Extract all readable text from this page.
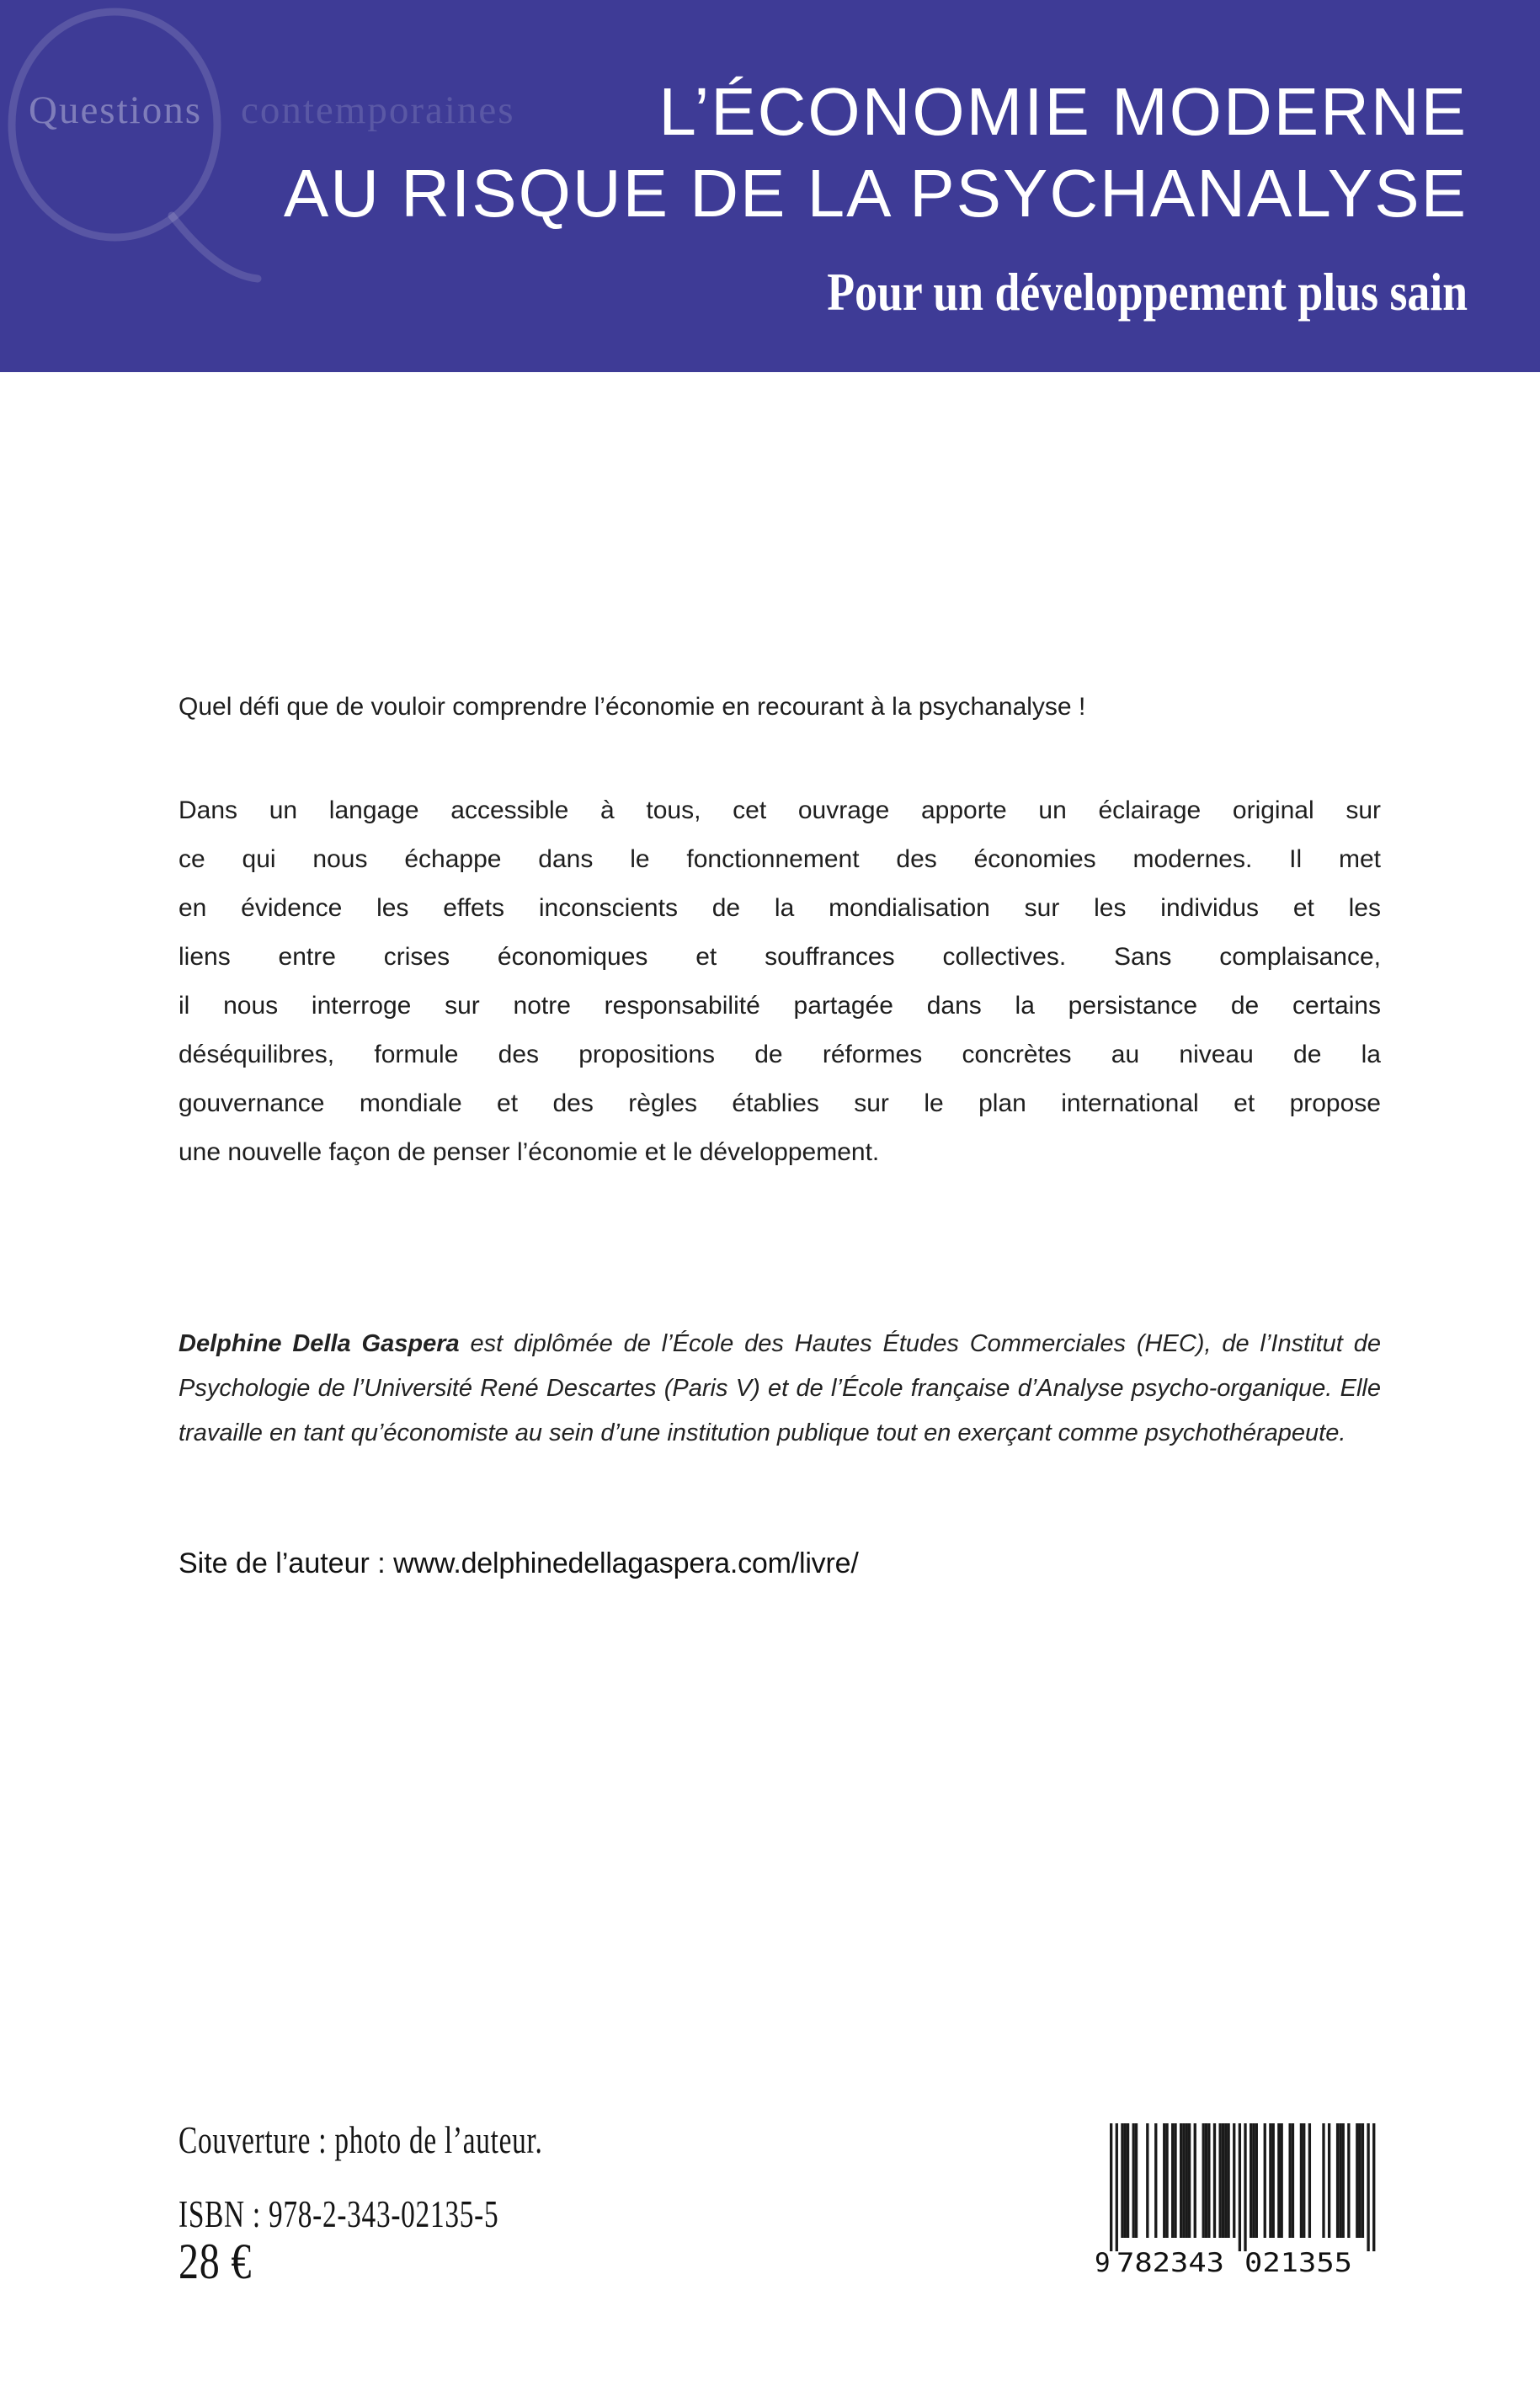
Questions contemporaines	L’ÉCONOMIE MODERNE
AU RISQUE DE LA PSYCHANALYSE
Pour un développement plus sain
Quel défi que de vouloir comprendre l’économie en recourant à la psychanalyse !
Dans un langage accessible à tous, cet ouvrage apporte un éclairage original sur
ce qui nous échappe dans le fonctionnement des économies modernes. Il met
en évidence les effets inconscients de la mondialisation sur les individus et les
liens entre crises économiques et souffrances collectives. Sans complaisance,
il nous interroge sur notre responsabilité partagée dans la persistance de certains
déséquilibres, formule des propositions de réformes concrètes au niveau de la
gouvernance mondiale et des règles établies sur le plan international et propose
une nouvelle façon de penser l’économie et le développement.
Delphine Della Gaspera est diplômée de l’École des Hautes Études Commerciales (HEC), de l’Institut de Psychologie de l’Université René Descartes (Paris V) et de l’École française d’Analyse psycho-organique. Elle travaille en tant qu’économiste au sein d’une institution publique tout en exerçant comme psychothérapeute.
Site de l’auteur : www.delphinedellagaspera.com/livre/
Couverture : photo de l’auteur.
ISBN : 978-2-343-02135-5
28 €	9 782343 021355
